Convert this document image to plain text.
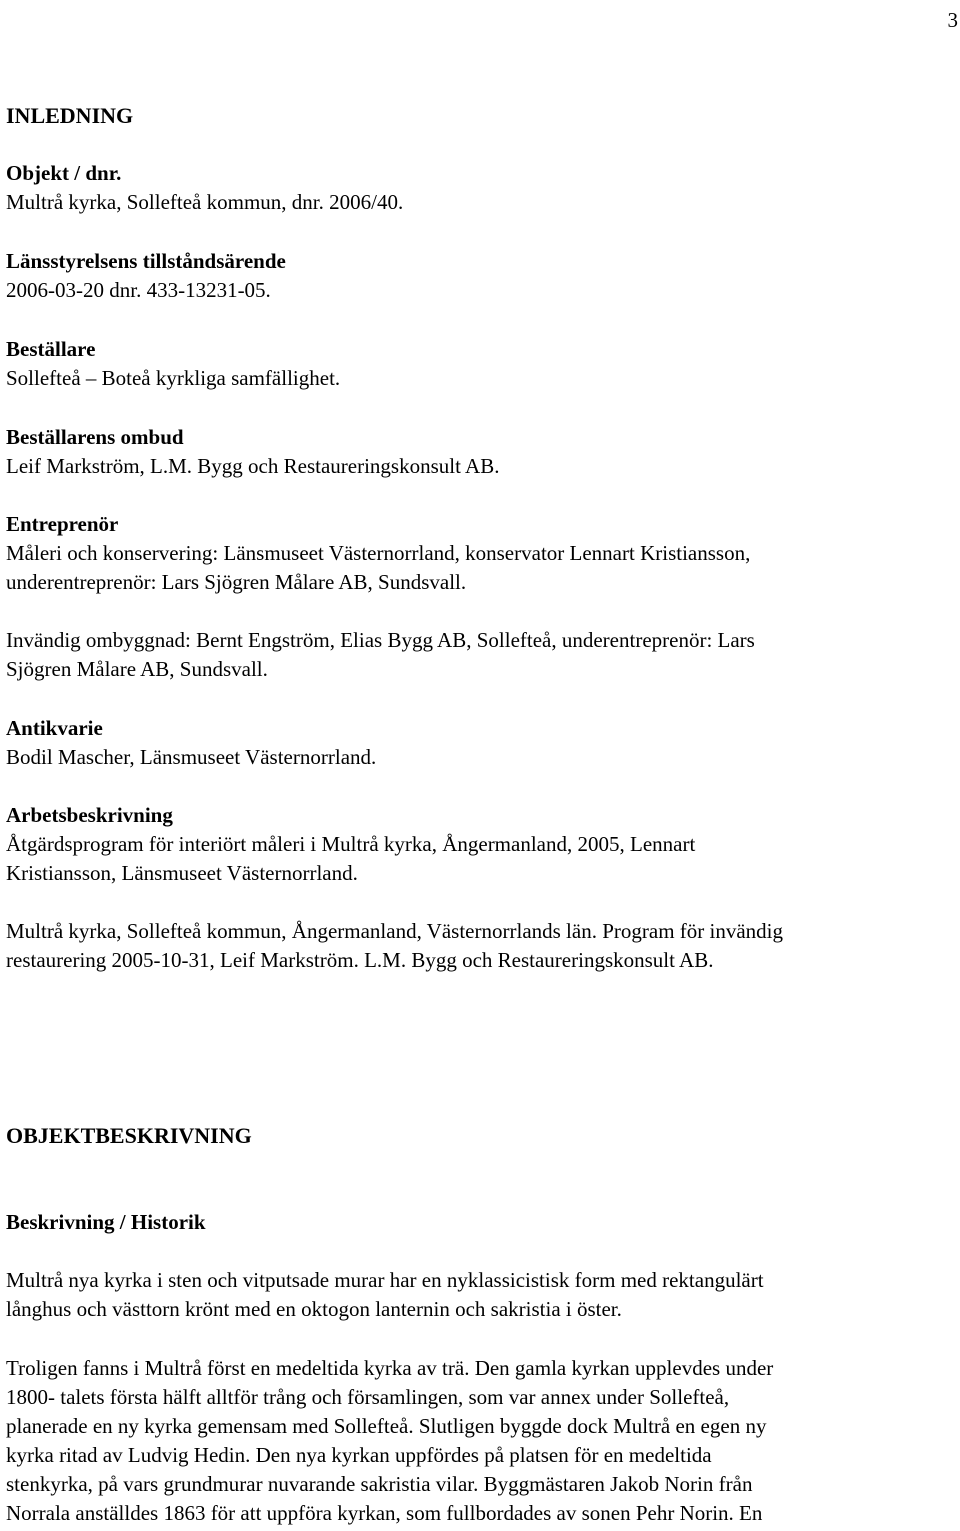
3
INLEDNING
Objekt / dnr.
Multrå kyrka, Sollefteå kommun, dnr. 2006/40.
Länsstyrelsens tillståndsärende
2006-03-20 dnr. 433-13231-05.
Beställare
Sollefteå – Boteå kyrkliga samfällighet.
Beställarens ombud
Leif Markström, L.M. Bygg och Restaureringskonsult AB.
Entreprenör
Måleri och konservering: Länsmuseet Västernorrland, konservator Lennart Kristiansson,
underentreprenör: Lars Sjögren Målare AB, Sundsvall.
Invändig ombyggnad: Bernt Engström, Elias Bygg AB, Sollefteå, underentreprenör: Lars
Sjögren Målare AB, Sundsvall.
Antikvarie
Bodil Mascher, Länsmuseet Västernorrland.
Arbetsbeskrivning
Åtgärdsprogram för interiört måleri i Multrå kyrka, Ångermanland, 2005, Lennart
Kristiansson, Länsmuseet Västernorrland.
Multrå kyrka, Sollefteå kommun, Ångermanland, Västernorrlands län. Program för invändig
restaurering 2005-10-31, Leif Markström. L.M. Bygg och Restaureringskonsult AB.
OBJEKTBESKRIVNING
Beskrivning / Historik
Multrå nya kyrka i sten och vitputsade murar har en nyklassicistisk form med rektangulärt
långhus och västtorn krönt med en oktogon lanternin och sakristia i öster.
Troligen fanns i Multrå först en medeltida kyrka av trä. Den gamla kyrkan upplevdes under
1800- talets första hälft alltför trång och församlingen, som var annex under Sollefteå,
planerade en ny kyrka gemensam med Sollefteå. Slutligen byggde dock Multrå en egen ny
kyrka ritad av Ludvig Hedin. Den nya kyrkan uppfördes på platsen för en medeltida
stenkyrka, på vars grundmurar nuvarande sakristia vilar. Byggmästaren Jakob Norin från
Norrala anställdes 1863 för att uppföra kyrkan, som fullbordades av sonen Pehr Norin. En
